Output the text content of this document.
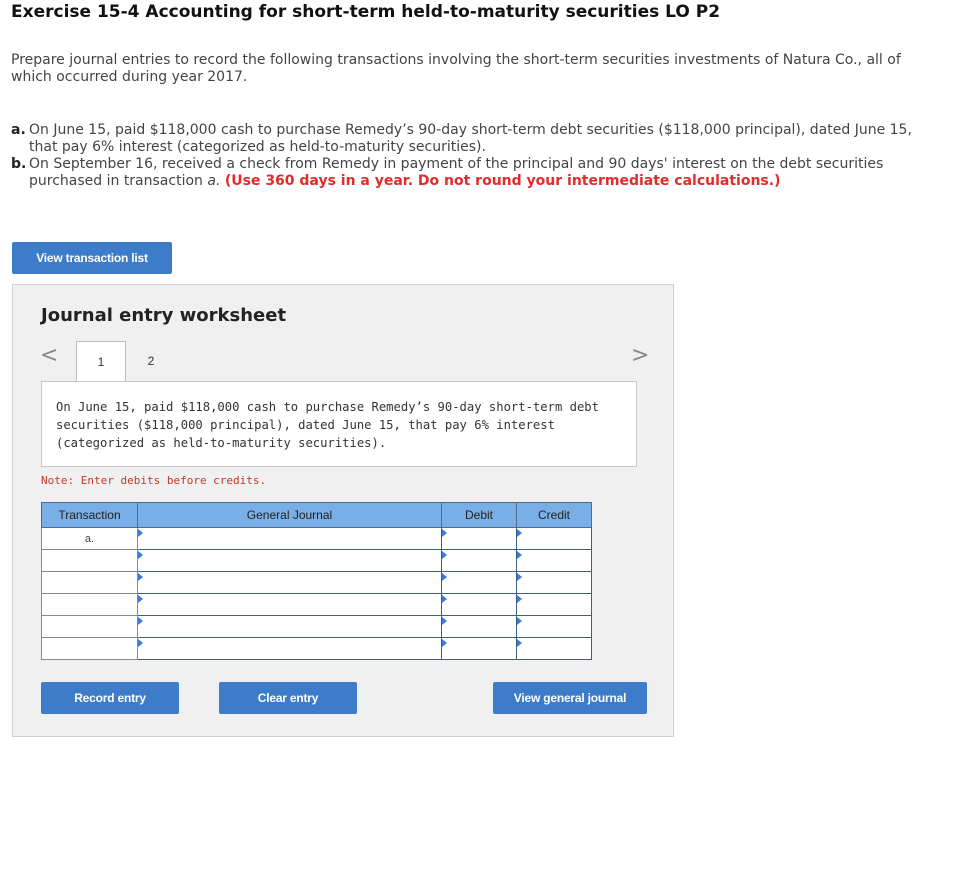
Exercise 15-4 Accounting for short-term held-to-maturity securities LO P2
Prepare journal entries to record the following transactions involving the short-term securities investments of Natura Co., all of which occurred during year 2017.
a. On June 15, paid $118,000 cash to purchase Remedy’s 90-day short-term debt securities ($118,000 principal), dated June 15, that pay 6% interest (categorized as held-to-maturity securities).
b. On September 16, received a check from Remedy in payment of the principal and 90 days' interest on the debt securities purchased in transaction a. (Use 360 days in a year. Do not round your intermediate calculations.)
View transaction list
Journal entry worksheet
<	1	2	>
On June 15, paid $118,000 cash to purchase Remedy’s 90-day short-term debt securities ($118,000 principal), dated June 15, that pay 6% interest (categorized as held-to-maturity securities).
Note: Enter debits before credits.
Transaction	General Journal	Debit	Credit
a.	

Record entry	Clear entry	View general journal
